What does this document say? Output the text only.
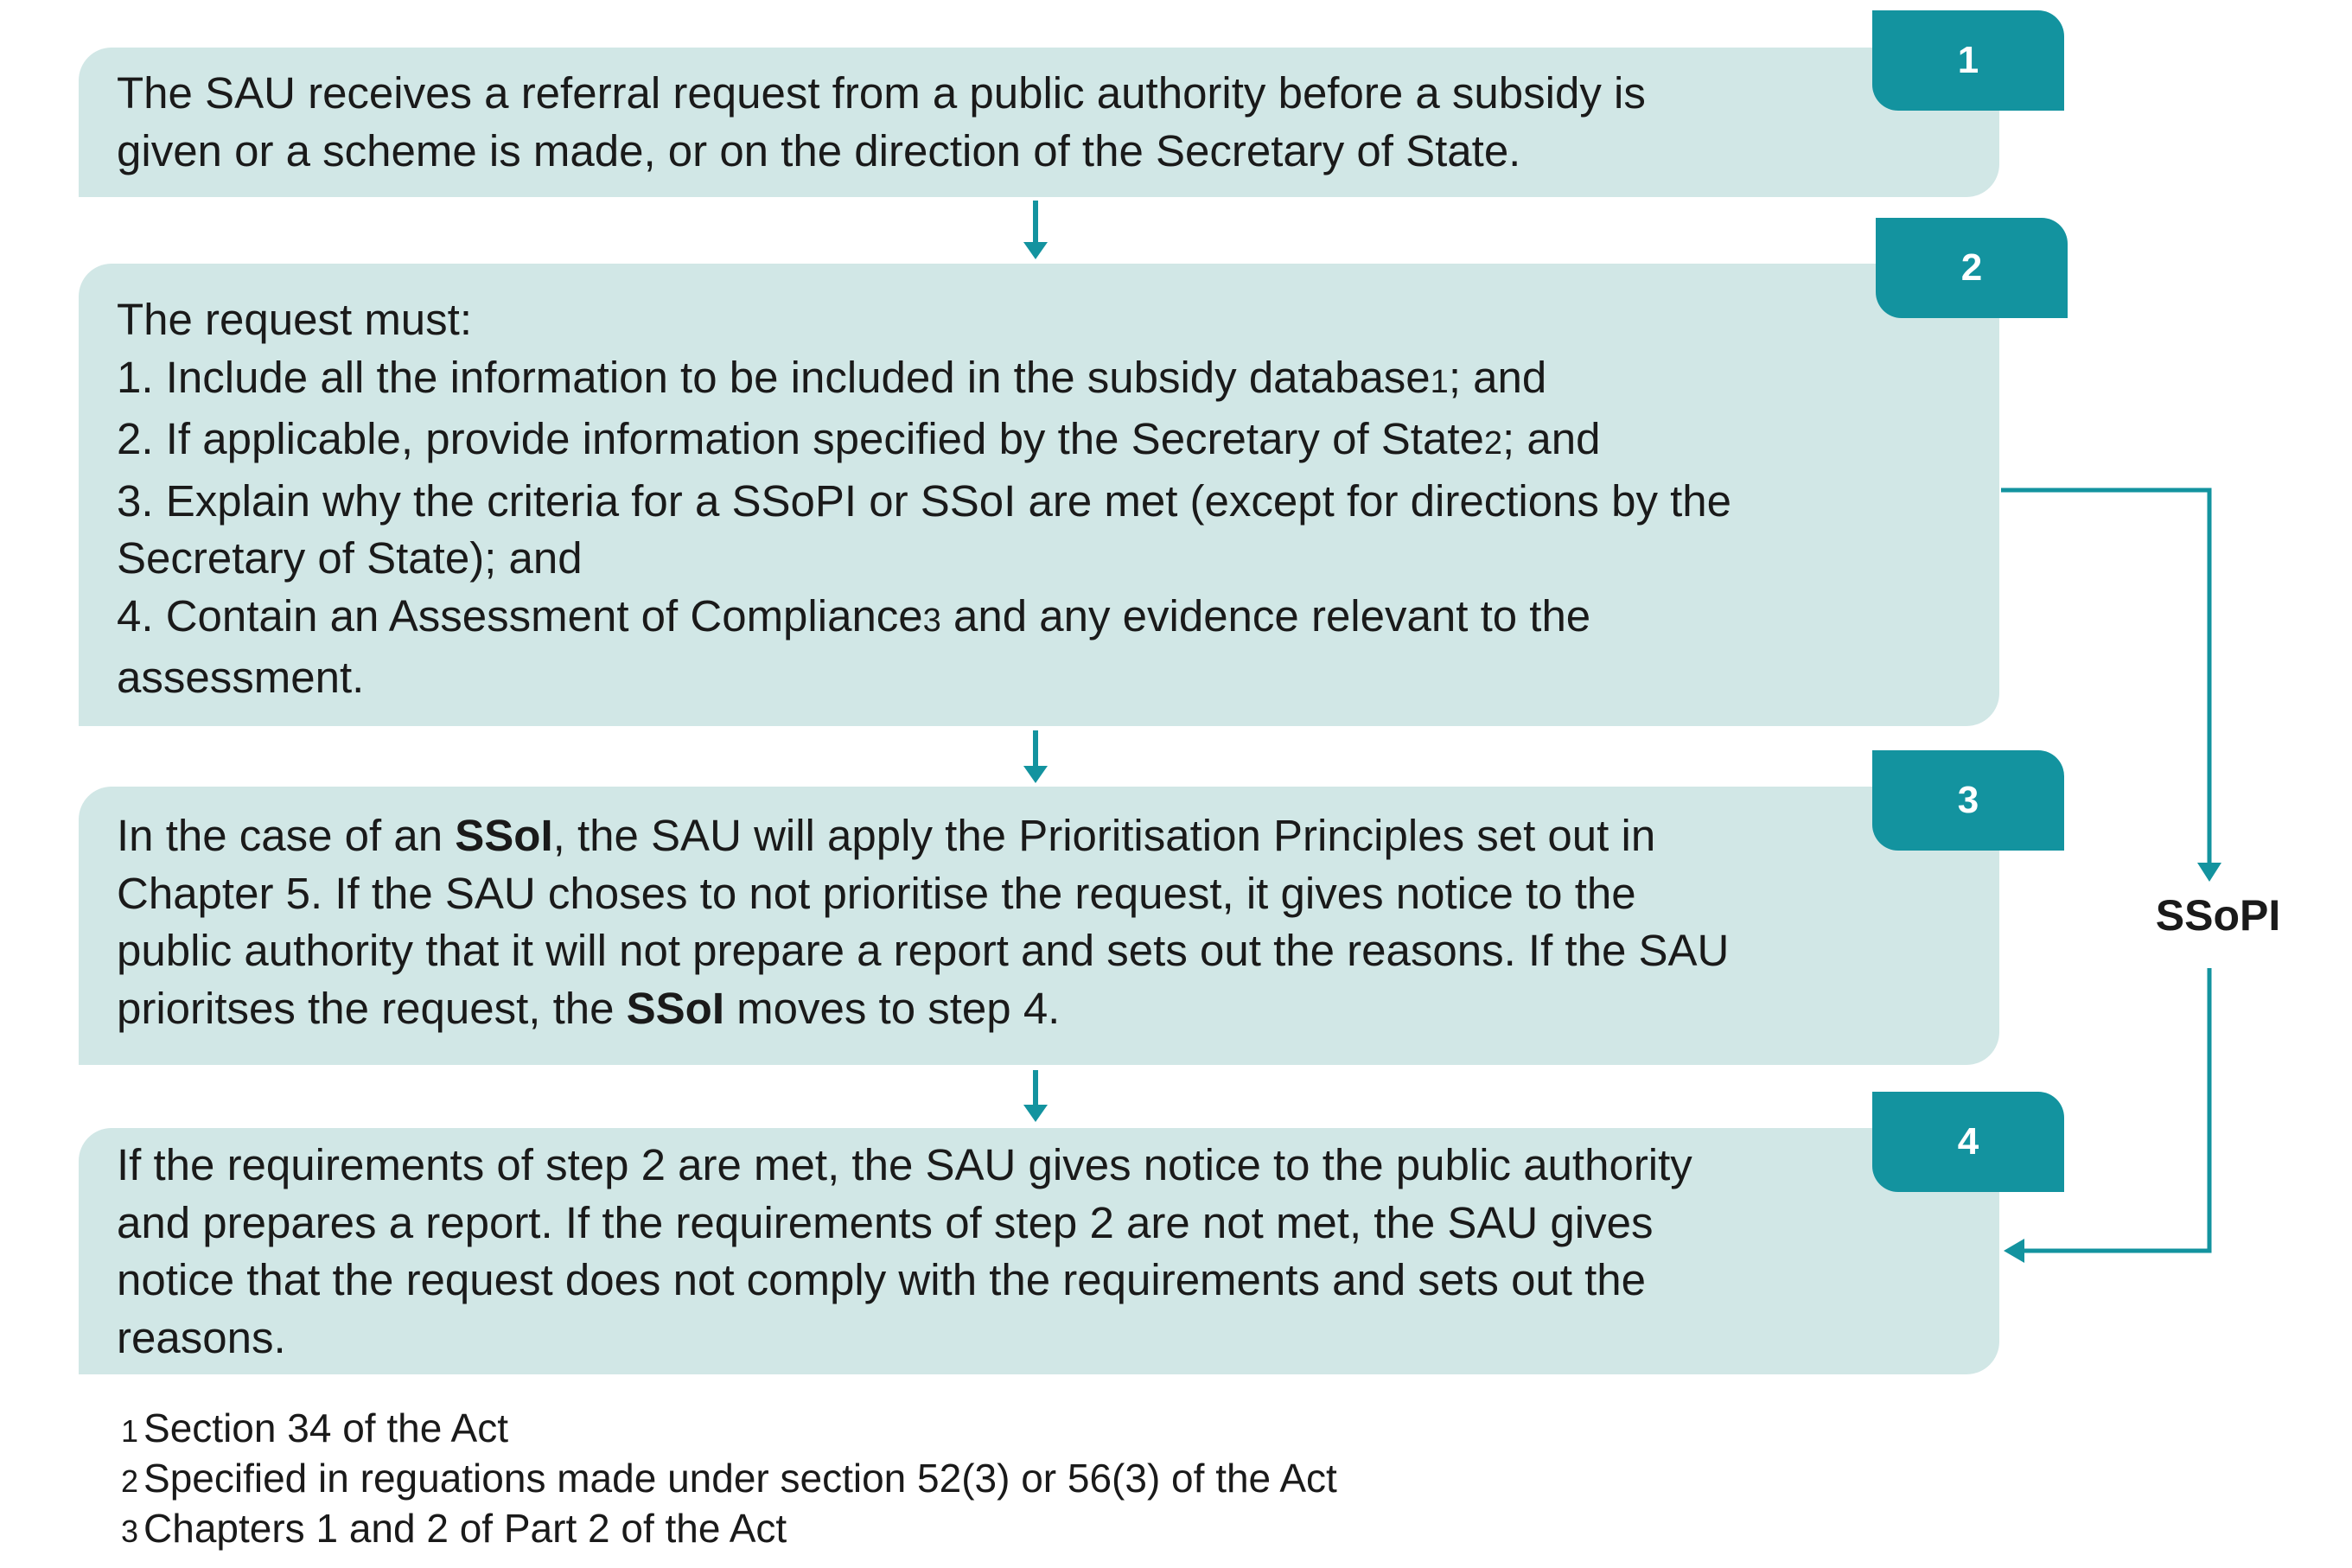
The SAU receives a referral request from a public authority before a subsidy is

given or a scheme is made, or on the direction of the Secretary of State.

1

The request must:

1. Include all the information to be included in the subsidy database1; and

2. If applicable, provide information specified by the Secretary of State2; and

3. Explain why the criteria for a SSoPI or SSoI are met (except for directions by the

Secretary of State); and

4. Contain an Assessment of Compliance3 and any evidence relevant to the

assessment.

2

In the case of an SSoI, the SAU will apply the Prioritisation Principles set out in

Chapter 5. If the SAU choses to not prioritise the request, it gives notice to the

public authority that it will not prepare a report and sets out the reasons. If the SAU

prioritses the request, the SSoI moves to step 4.

3

If the requirements of step 2 are met, the SAU gives notice to the public authority

and prepares a report. If the requirements of step 2 are not met, the SAU gives

notice that the request does not comply with the requirements and sets out the

reasons.

4
SSoPI
1 Section 34 of the Act
2 Specified in reguations made under section 52(3) or 56(3) of the Act
3 Chapters 1 and 2 of Part 2 of the Act
